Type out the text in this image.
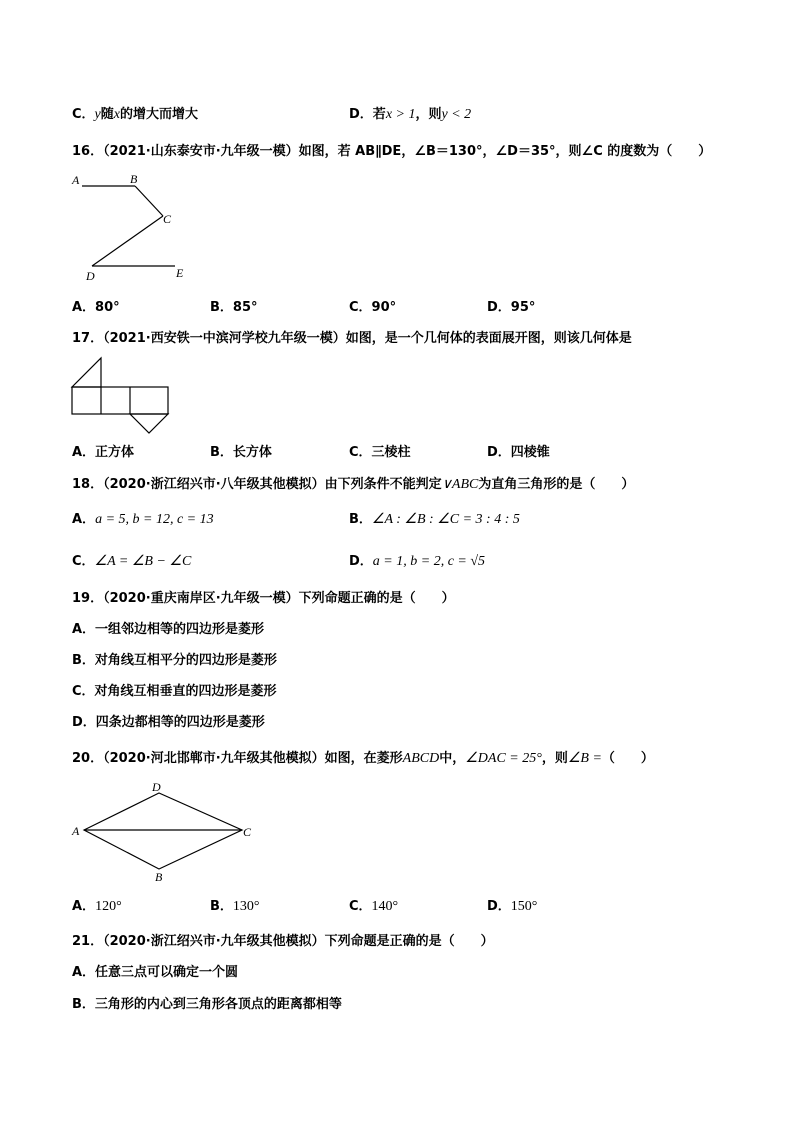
C．y随x的增大而增大	D．若x > 1，则y < 2
16．（2021·山东泰安市·九年级一模）如图，若 AB∥DE，∠B＝130°，∠D＝35°，则∠C 的度数为（　　）
A	B
C
D	E
A．80°	B．85°	C．90°	D．95°
17．（2021·西安铁一中滨河学校九年级一模）如图，是一个几何体的表面展开图，则该几何体是
A．正方体	B．长方体	C．三棱柱	D．四棱锥
18．（2020·浙江绍兴市·八年级其他模拟）由下列条件不能判定∨ABC为直角三角形的是（　　）
A．a = 5, b = 12, c = 13	B．∠A : ∠B : ∠C = 3 : 4 : 5
C．∠A = ∠B − ∠C	D．a = 1, b = 2, c = √5
19．（2020·重庆南岸区·九年级一模）下列命题正确的是（　　）
A．一组邻边相等的四边形是菱形
B．对角线互相平分的四边形是菱形
C．对角线互相垂直的四边形是菱形
D．四条边都相等的四边形是菱形
20．（2020·河北邯郸市·九年级其他模拟）如图，在菱形ABCD中，∠DAC = 25°，则∠B =（　　）
A
D
C
B
A．120°	B．130°	C．140°	D．150°
21．（2020·浙江绍兴市·九年级其他模拟）下列命题是正确的是（　　）
A．任意三点可以确定一个圆
B．三角形的内心到三角形各顶点的距离都相等
